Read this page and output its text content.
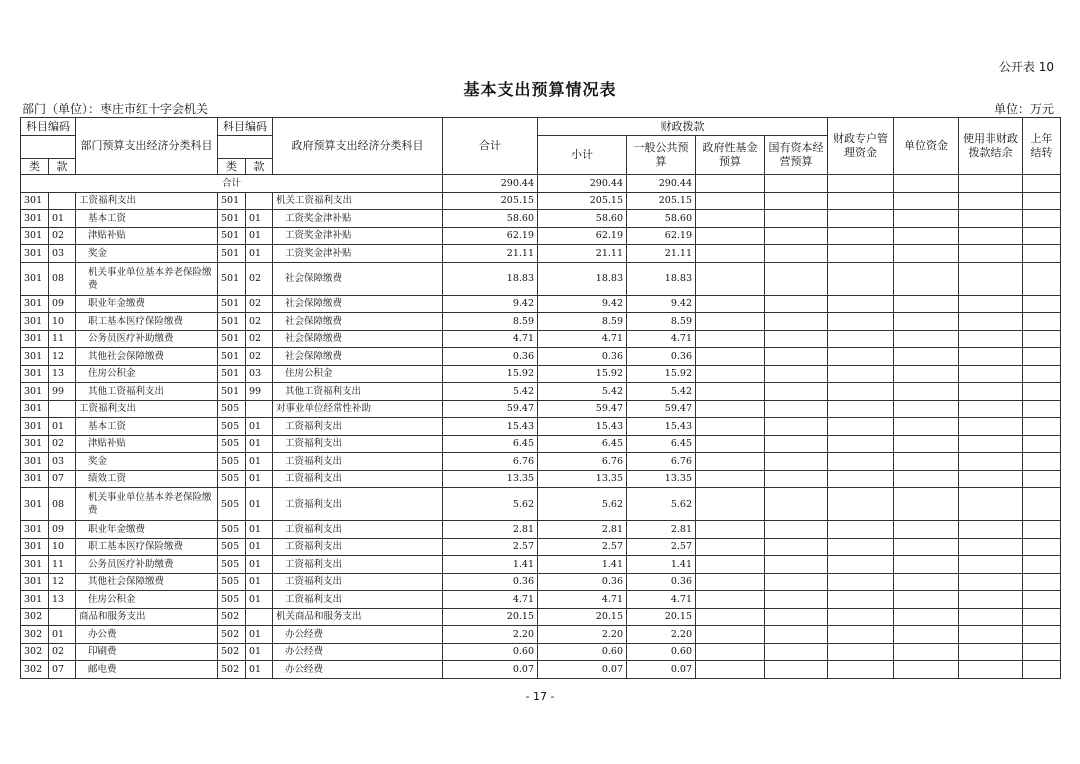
公开表 10
基本支出预算情况表
部门（单位）：枣庄市红十字会机关	单位：万元
科目编码		部门预算支出经济分类科目	科目编码		政府预算支出经济分类科目	合计	财政拨款				财政专户管理资金	单位资金	使用非财政拨款结余	上年结转
							小计	一般公共预算	政府性基金预算	国有资本经营预算				
类	款		类	款										
合计						290.44	290.44	290.44						
301		工资福利支出	501		机关工资福利支出	205.15	205.15	205.15						
301	01	基本工资	501	01	工资奖金津补贴	58.60	58.60	58.60						
301	02	津贴补贴	501	01	工资奖金津补贴	62.19	62.19	62.19						
301	03	奖金	501	01	工资奖金津补贴	21.11	21.11	21.11						
301	08	机关事业单位基本养老保险缴费	501	02	社会保障缴费	18.83	18.83	18.83						
301	09	职业年金缴费	501	02	社会保障缴费	9.42	9.42	9.42						
301	10	职工基本医疗保险缴费	501	02	社会保障缴费	8.59	8.59	8.59						
301	11	公务员医疗补助缴费	501	02	社会保障缴费	4.71	4.71	4.71						
301	12	其他社会保障缴费	501	02	社会保障缴费	0.36	0.36	0.36						
301	13	住房公积金	501	03	住房公积金	15.92	15.92	15.92						
301	99	其他工资福利支出	501	99	其他工资福利支出	5.42	5.42	5.42						
301		工资福利支出	505		对事业单位经常性补助	59.47	59.47	59.47						
301	01	基本工资	505	01	工资福利支出	15.43	15.43	15.43						
301	02	津贴补贴	505	01	工资福利支出	6.45	6.45	6.45						
301	03	奖金	505	01	工资福利支出	6.76	6.76	6.76						
301	07	绩效工资	505	01	工资福利支出	13.35	13.35	13.35						
301	08	机关事业单位基本养老保险缴费	505	01	工资福利支出	5.62	5.62	5.62						
301	09	职业年金缴费	505	01	工资福利支出	2.81	2.81	2.81						
301	10	职工基本医疗保险缴费	505	01	工资福利支出	2.57	2.57	2.57						
301	11	公务员医疗补助缴费	505	01	工资福利支出	1.41	1.41	1.41						
301	12	其他社会保障缴费	505	01	工资福利支出	0.36	0.36	0.36						
301	13	住房公积金	505	01	工资福利支出	4.71	4.71	4.71						
302		商品和服务支出	502		机关商品和服务支出	20.15	20.15	20.15						
302	01	办公费	502	01	办公经费	2.20	2.20	2.20						
302	02	印刷费	502	01	办公经费	0.60	0.60	0.60						
302	07	邮电费	502	01	办公经费	0.07	0.07	0.07						
- 17 -
